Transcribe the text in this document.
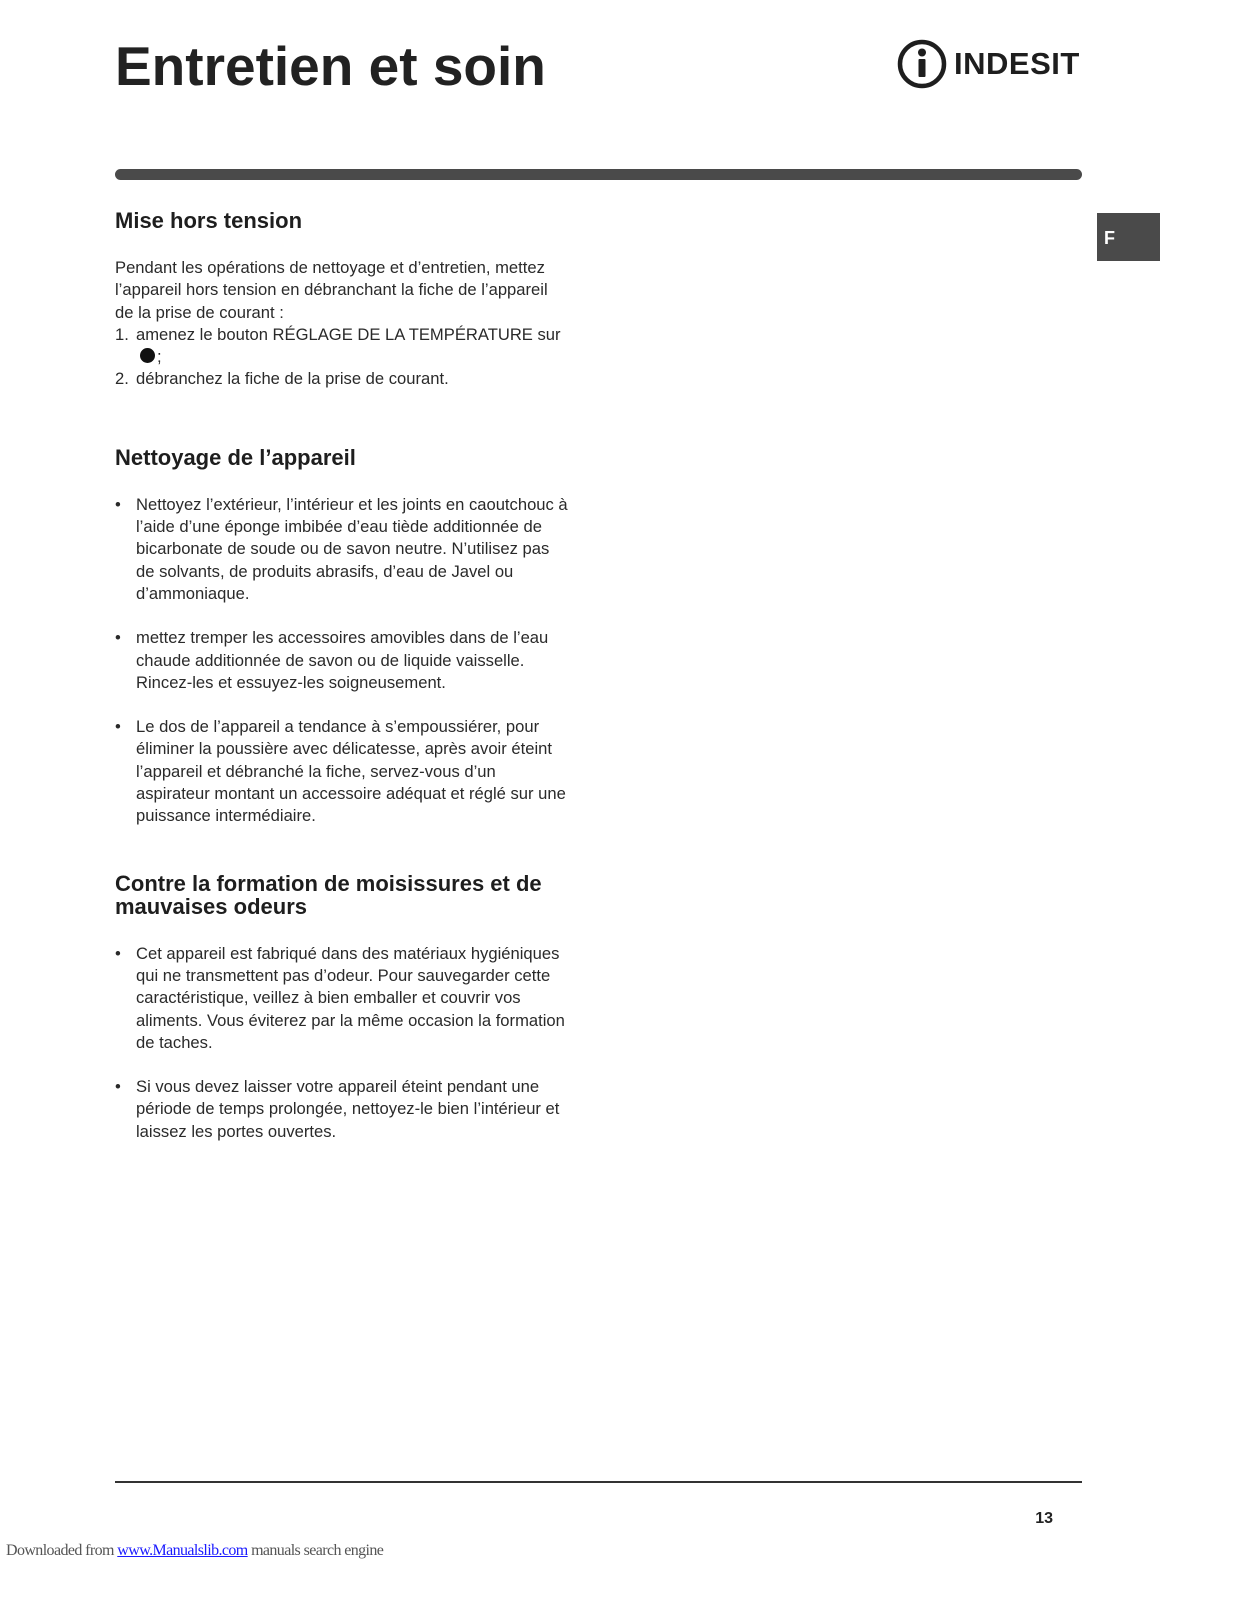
Entretien et soin	INDESIT
F
Mise hors tension

Pendant les opérations de nettoyage et d’entretien, mettez l’appareil hors tension en débranchant la fiche de l’appareil de la prise de courant :

1. amenez le bouton RÉGLAGE DE LA TEMPÉRATURE sur;
2. débranchez la fiche de la prise de courant.
Nettoyage de l’appareil
• Nettoyez l’extérieur, l’intérieur et les joints en caoutchouc à l’aide d’une éponge imbibée d’eau tiède additionnée de bicarbonate de soude ou de savon neutre. N’utilisez pas de solvants, de produits abrasifs, d’eau de Javel ou d’ammoniaque.
• mettez tremper les accessoires amovibles dans de l’eau chaude additionnée de savon ou de liquide vaisselle. Rincez-les et essuyez-les soigneusement.
• Le dos de l’appareil a tendance à s’empoussiérer, pour éliminer la poussière avec délicatesse, après avoir éteint l’appareil et débranché la fiche, servez-vous d’un aspirateur montant un accessoire adéquat et réglé sur une puissance intermédiaire.
Contre la formation de moisissures et de mauvaises odeurs
• Cet appareil est fabriqué dans des matériaux hygiéniques qui ne transmettent pas d’odeur. Pour sauvegarder cette caractéristique, veillez à bien emballer et couvrir vos aliments. Vous éviterez par la même occasion la formation de taches.
• Si vous devez laisser votre appareil éteint pendant une période de temps prolongée, nettoyez-le bien l’intérieur et laissez les portes ouvertes.
13
Downloaded from www.Manualslib.com manuals search engine
